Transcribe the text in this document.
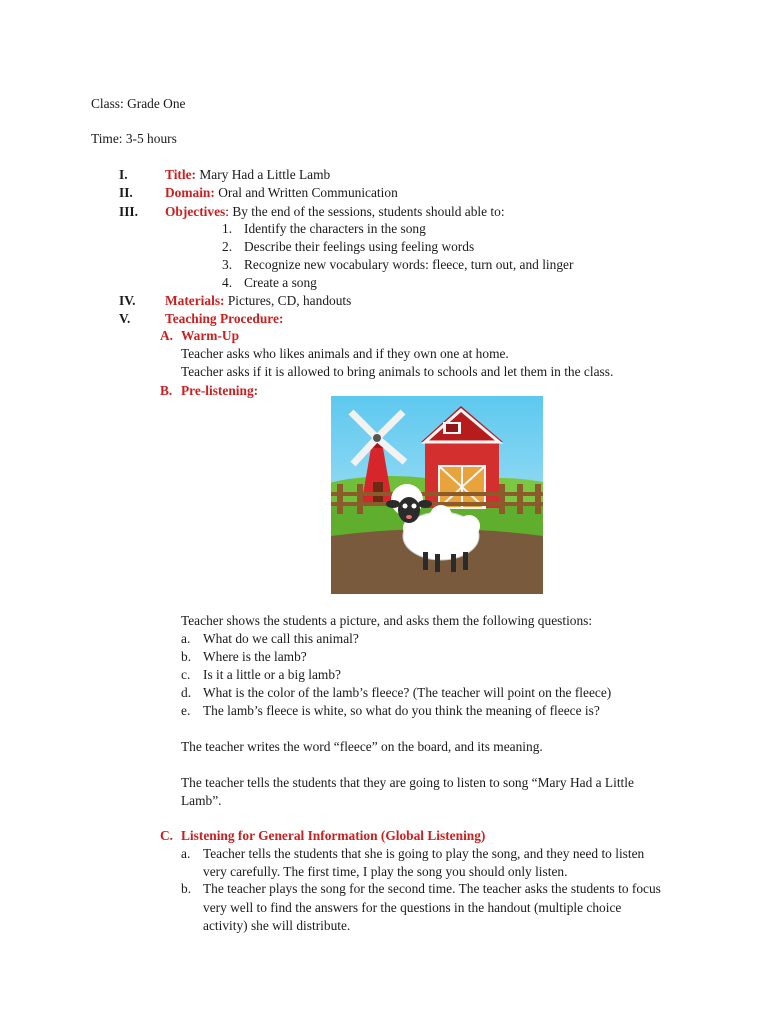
Class: Grade One
Time: 3-5 hours
I.	Title: Mary Had a Little Lamb
II. Domain: Oral and Written Communication
III. Objectives: By the end of the sessions, students should able to:
1. Identify the characters in the song
2. Describe their feelings using feeling words
3. Recognize new vocabulary words: fleece, turn out, and linger
4. Create a song
IV. Materials: Pictures, CD, handouts
V.	Teaching Procedure:
A. Warm-Up
Teacher asks who likes animals and if they own one at home.
Teacher asks if it is allowed to bring animals to schools and let them in the class.
B. Pre-listening:
Teacher shows the students a picture, and asks them the following questions:
a. What do we call this animal?
b. Where is the lamb?
c. Is it a little or a big lamb?
d. What is the color of the lamb’s fleece? (The teacher will point on the fleece)
e. The lamb’s fleece is white, so what do you think the meaning of fleece is?
The teacher writes the word “fleece” on the board, and its meaning.
The teacher tells the students that they are going to listen to song “Mary Had a Little
Lamb”.
C. Listening for General Information (Global Listening)
a. Teacher tells the students that she is going to play the song, and they need to listen
very carefully. The first time, I play the song you should only listen.
b. The teacher plays the song for the second time. The teacher asks the students to focus
very well to find the answers for the questions in the handout (multiple choice
activity) she will distribute.
